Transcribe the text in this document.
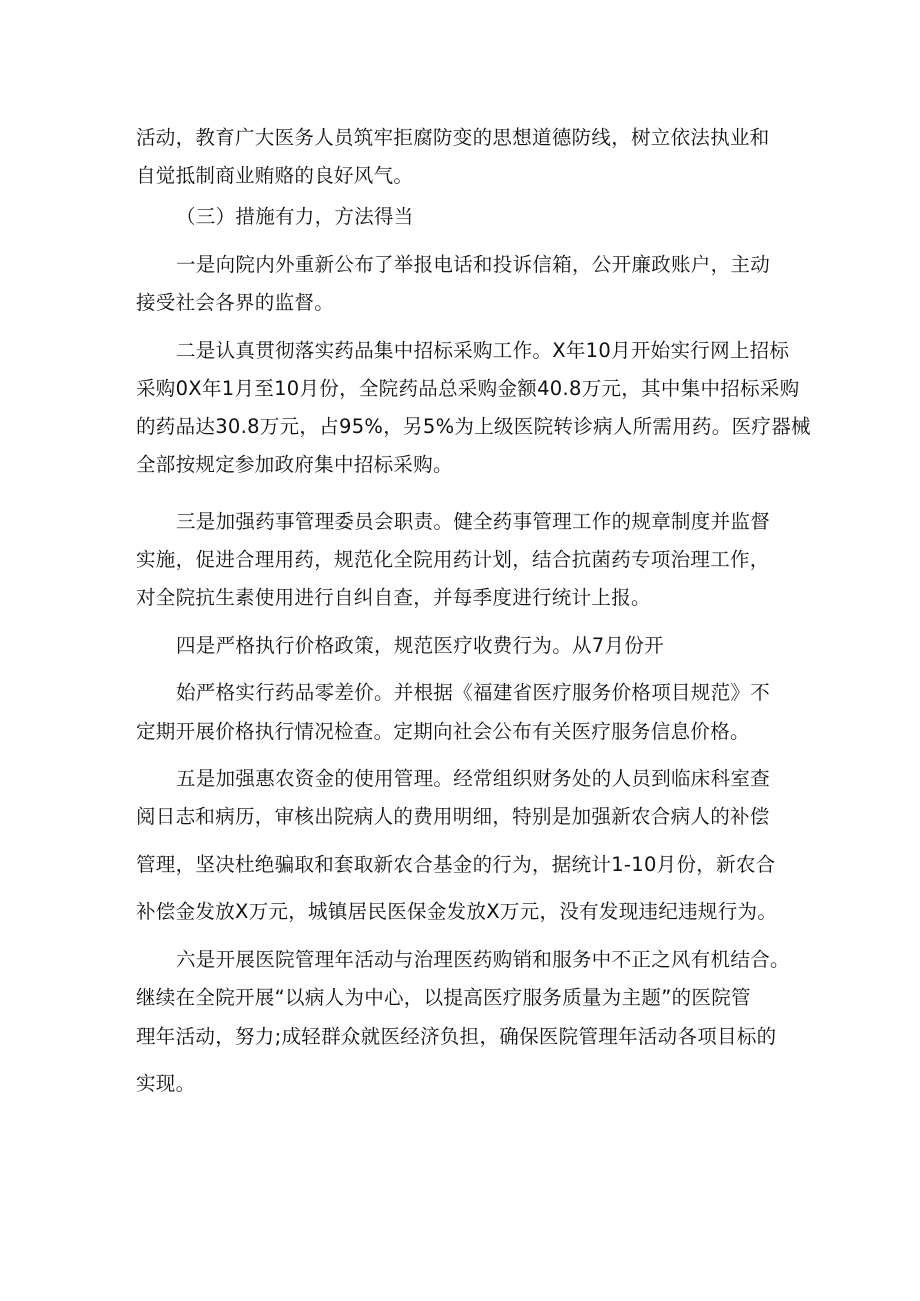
活动，教育广大医务人员筑牢拒腐防变的思想道德防线，树立依法执业和
自觉抵制商业贿赂的良好风气。
（三）措施有力，方法得当
一是向院内外重新公布了举报电话和投诉信箱，公开廉政账户，主动
接受社会各界的监督。
二是认真贯彻落实药品集中招标采购工作。X年10月开始实行网上招标
采购0X年1月至10月份，全院药品总采购金额40.8万元，其中集中招标采购
的药品达30.8万元，占95%，另5%为上级医院转诊病人所需用药。医疗器械
全部按规定参加政府集中招标采购。
三是加强药事管理委员会职责。健全药事管理工作的规章制度并监督
实施，促进合理用药，规范化全院用药计划，结合抗菌药专项治理工作，
对全院抗生素使用进行自纠自查，并每季度进行统计上报。
四是严格执行价格政策，规范医疗收费行为。从7月份开
始严格实行药品零差价。并根据《福建省医疗服务价格项目规范》不
定期开展价格执行情况检查。定期向社会公布有关医疗服务信息价格。
五是加强惠农资金的使用管理。经常组织财务处的人员到临床科室查
阅日志和病历，审核出院病人的费用明细，特别是加强新农合病人的补偿
管理，坚决杜绝骗取和套取新农合基金的行为，据统计1-10月份，新农合
补偿金发放X万元，城镇居民医保金发放X万元，没有发现违纪违规行为。
六是开展医院管理年活动与治理医药购销和服务中不正之风有机结合。
继续在全院开展“以病人为中心，以提高医疗服务质量为主题”的医院管
理年活动，努力;成轻群众就医经济负担，确保医院管理年活动各项目标的
实现。
